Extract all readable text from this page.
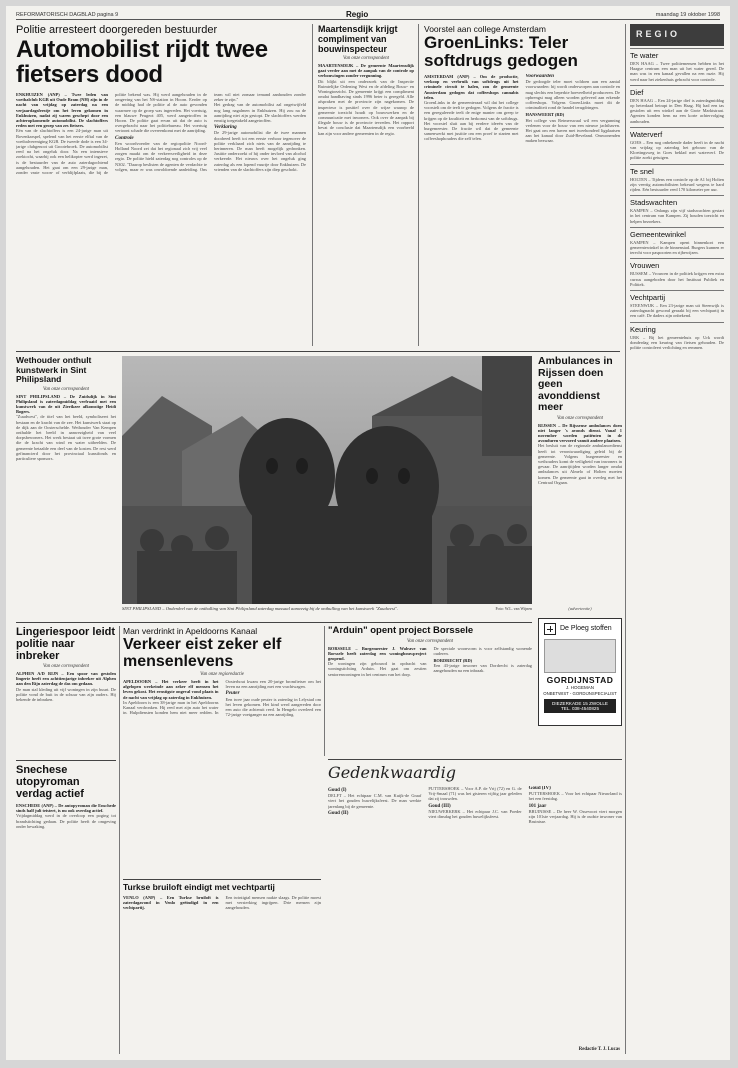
REFORMATORISCH DAGBLAD pagina 9	Regio	maandag 19 oktober 1998
Politie arresteert doorgereden bestuurder
Automobilist rijdt twee fietsers dood

ENKHUIZEN (ANP) – Twee leden van voetbalclub KGB uit Oude Bram (NH) zijn in de nacht van vrijdag op zaterdag na een verjaardagsfeestje om het leven gekomen in Enkhuizen, nadat zij waren geschept door een achteropkomende automobilist. De slachtoffers reden met een groep van zes fietsers.

Eén van de slachtoffers is een 24-jarige man uit Bovenkarspel, spelend van het eerste elftal van de voetbalvereniging KGB. De tweede dode is een 34-jarige clubgenoot uit Grootebroek. De automobilist reed na het ongeluk door. Na een intensieve zoektocht, waarbij ook een helikopter werd ingezet, is de bestuurder van de auto zaterdagochtend aangehouden. Het gaat om een 29-jarige man, zonder vaste woon- of verblijfplaats, die bij de politie bekend was. Hij werd aangehouden in de omgeving van het NS-station in Hoorn. Eerder op de middag had de politie al de auto gevonden waarmee op de groep was ingereden. Het voertuig, een blauwe Peugeot 405, werd aangetroffen in Hoorn. De politie gaat ervan uit dat de auto is overgebracht naar het politiebureau. Het voertuig vertoont schade die overeenkomt met de aanrijding.

Controle

Een woordvoerder van de regiopolitie Noord-Holland Noord zei dat het regionaal zich vrij veel zorgen maakt om de verkeersveiligheid in deze regio. De politie hield zaterdag nog controles op de N302. "Daarop beslisten de agenten de verdachte te volgen, maar er was onvoldoende aanleiding. Ons team wil niet zomaar iemand aanhouden zonder zeker te zijn."

Het gedrag van de automobilist zal ongetwijfeld nog lang nagalmen in Enkhuizen. Hij zou na de aanrijding niet zijn gestopt. De slachtoffers werden ernstig toegetakeld aangetroffen.

Verklaring

De 29-jarige automobilist die de twee mannen doodreed heeft tot een eerste verhoor tegenover de politie verklaard zich niets van de aanrijding te herinneren. De man heeft mogelijk gedronken. Justitie onderzoekt of hij onder invloed van alcohol verkeerde. Het nieuws over het ongeluk ging zaterdag als een lopend vuurtje door Enkhuizen. De vrienden van de slachtoffers zijn diep geschokt.

Maartensdijk krijgt compliment van bouwinspecteur
Van onze correspondent

MAARTENSDIJK – De gemeente Maartensdijk gaat verder aan met de aanpak van de controle op verbouwingen zonder vergunning.

Dit blijkt uit een onderzoek van de Inspectie Ruimtelijke Ordening West en de afdeling Bouw- en Woningtoezicht. De gemeente krijgt een compliment omdat handhaving sinds 1996 beter is geregeld. Alle afspraken met de provincie zijn nagekomen. De inspecteur is positief over de wijze waarop de gemeente toezicht houdt op bouwwerken en de communicatie met inwoners. Ook over de aanpak bij illegale bouw is de provincie tevreden. Het rapport bevat de conclusie dat Maartensdijk een voorbeeld kan zijn voor andere gemeenten in de regio.

Voorstel aan college Amsterdam
GroenLinks: Teler softdrugs gedogen

AMSTERDAM (ANP) – Om de productie, verkoop en verbruik van softdrugs uit het criminele circuit te halen, zou de gemeente Amsterdam gedogen dat coffeeshops cannabis telen.

GroenLinks in de gemeenteraad wil dat het college voorstelt om de teelt te gedogen. Volgens de fractie is een gereguleerde teelt de enige manier om greep te krijgen op de kwaliteit en herkomst van de softdrugs. Het voorstel sluit aan bij eerdere ideeën van de burgemeester. De fractie wil dat de gemeente samenwerkt met justitie om een proef te starten met coffeeshophouders die zelf telen.

Voorwaarden

De gedoogde teler moet voldoen aan een aantal voorwaarden: hij wordt onderworpen aan controle en mag slechts een beperkte hoeveelheid produceren. De opbrengst mag alleen worden geleverd aan erkende coffeeshops. Volgens GroenLinks moet dit de criminaliteit rond de handel terugdringen.

HANSWEERT (RD)

Het college van Reimerswaal wil een vergunning verlenen voor de bouw van een nieuwe jachthaven. Het gaat om een haven met tweehonderd ligplaatsen aan het kanaal door Zuid-Beveland. Omwonenden maken bezwaar.

REGIO
Te water
DEN HAAG – Twee politiemensen hebben in het Haagse centrum een man uit het water gered. De man was in een kanaal gevallen na een ruzie. Hij werd naar het ziekenhuis gebracht voor controle.
Dief
DEN HAAG – Een 24-jarige dief is zaterdagmiddag op heterdaad betrapt in Den Haag. Hij had een tas gestolen uit een winkel aan de Grote Marktstraat. Agenten konden hem na een korte achtervolging aanhouden.
Waterverf
GOES – Een nog onbekende dader heeft in de nacht van vrijdag op zaterdag het gebouw van de Kloetingsweg in Goes beklad met waterverf. De politie zoekt getuigen.
Te snel
HOLTEN – Tijdens een controle op de A1 bij Holten zijn veertig automobilisten bekeurd wegens te hard rijden. Eén bestuurder reed 170 kilometer per uur.
Stadswachten
KAMPEN – Onlangs zijn vijf stadswachten gestart in het centrum van Kampen. Zij houden toezicht en helpen bezoekers.
Gemeentewinkel
KAMPEN – Kampen opent binnenkort een gemeentewinkel in de binnenstad. Burgers kunnen er terecht voor paspoorten en rijbewijzen.
Vrouwen
BUSSEM – Vrouwen in de politiek krijgen een extra cursus aangeboden door het Instituut Publiek en Politiek.
Vechtpartij
STEENWIJK – Een 23-jarige man uit Steenwijk is zaterdagnacht gewond geraakt bij een vechtpartij in een café. De daders zijn onbekend.
Keuring
URK – Bij het gemeentehuis op Urk wordt donderdag een keuring van fietsen gehouden. De politie controleert verlichting en remmen.
Wethouder onthult kunstwerk in Sint Philipsland
Van onze correspondent

SINT PHILIPSLAND – De Zuidsdijk in Sint Philipsland is zaterdagmiddag verfraaid met een kunstwerk van de uit Zierikzee afkomstige Heidi Bogers.

"Zuudwest", de titel van het beeld, symboliseert het bestaan en de kracht van de zee. Het kunstwerk staat op de dijk aan de Oosterschelde. Wethouder Van Kempen onthulde het beeld in aanwezigheid van veel dorpsbewoners. Het werk bestaat uit twee grote vormen die de kracht van wind en water uitbeelden. De gemeente betaalde een deel van de kosten. De rest werd gefinancierd door het provinciaal kunstfonds en particuliere sponsors.

SINT PHILIPSLAND – Onderdeel van de onthulling van Sint Philipsland zaterdag massaal aanwezig bij de onthulling van het kunstwerk "Zuudwest".	Foto: W.L. van Wijnen
Ambulances in Rijssen doen geen avonddienst meer
Van onze correspondent

RIJSSEN – De Rijssense ambulances doen niet langer 's avonds dienst. Vanaf 1 november worden patiënten in de avonduren vervoerd vanuit andere plaatsen.

Het besluit van de regionale ambulancedienst heeft tot verontwaardiging geleid bij de gemeente. Volgens burgemeester en wethouders komt de veiligheid van inwoners in gevaar. De aanrijtijden worden langer omdat ambulances uit Almelo of Holten moeten komen. De gemeente gaat in overleg met het Centraal Orgaan.

(advertentie)
De Ploeg stoffen
GORDIJNSTAD
J. HOGEMAN
ONBETWIST - GORDIJNSPECIALIST
DIEZERKADE 15 ZWOLLE
TEL. 038-4540825
Lingeriespoor leidt politie naar inbreker
Van onze correspondent

ALPHEN A/D RIJN – Een spoor van gestolen lingerie heeft een achttienjarige inbreker uit Alphen aan den Rijn zaterdag de das om gedaan.

De man stal kleding uit vijf woningen in zijn buurt. De politie vond de buit in de schuur van zijn ouders. Hij bekende de inbraken.

Snechese utopyroman verdag actief

ENSCHEDE (ANP) – De autopyroman die Enschede sinds half juli teistert, is nu ook overdag actief.

Vrijdagmiddag werd in de overloop een poging tot brandstichting gedaan. De politie heeft de omgeving onder bewaking.

Man verdrinkt in Apeldoorns Kanaal
Verkeer eist zeker elf mensenlevens
Van onze regioredactie

APELDOORN – Het verkeer heeft in het afgelopen weekeinde aan zeker elf mensen het leven gekost. Het ernstigste ongeval vond plaats in de nacht van vrijdag op zaterdag in Enkhuizen.

In Apeldoorn is een 38-jarige man in het Apeldoorns Kanaal verdronken. Hij reed met zijn auto het water in. Hulpdiensten konden hem niet meer redden. In Oosterhout kwam een 20-jarige bromfietser om het leven na een aanrijding met een vrachtwagen.

Peuter

Een twee jaar oude peuter is zaterdag in Lelystad om het leven gekomen. Het kind werd aangereden door een auto die achteruit reed. In Hengelo overleed een 72-jarige voetganger na een aanrijding.

"Arduin" opent project Borssele
Van onze correspondent

BORSSELE – Burgemeester J. Walrave van Borssele heeft zaterdag een woningbouwproject geopend.

De woningen zijn gebouwd in opdracht van woningstichting Arduin. Het gaat om zestien seniorenwoningen in het centrum van het dorp.

De speciale woonvorm is voor zelfstandig wonende ouderen.

BORDRECHT (RD)

Een 43-jarige inwoner van Dordrecht is zaterdag aangehouden na een inbraak.

Gedenkwaardig

Goud (I)

DELFT – Het echtpaar C.M. van Kuijk-de Graaf viert het gouden huwelijksfeest. De man werkte jarenlang bij de gemeente.

Goud (II)

PUTTERSHOEK – Voor A.P. de Vrij (72) en G. de Vrij-Smaal (71) was het gisteren vijftig jaar geleden dat zij trouwden.

Goud (III)

NIEUWERKERK – Het echtpaar J.C. van Poeder viert dinsdag het gouden huwelijksfeest.

Goud (IV)

PUTTERSHOEK – Voor het echtpaar Nieuwland is het een feestdag.

101 jaar

BRUINISSE – De heer W. Ossevoort viert morgen zijn 101ste verjaardag. Hij is de oudste inwoner van Bruinisse.

Redactie T. J. Lucas
Turkse bruiloft eindigt met vechtpartij

VENLO (ANP) – Een Turkse bruiloft is zaterdagavond in Venlo geëindigd in een vechtpartij.

Een twintigtal mensen raakte slaags. De politie moest met versterking ingrijpen. Drie mensen zijn aangehouden.
